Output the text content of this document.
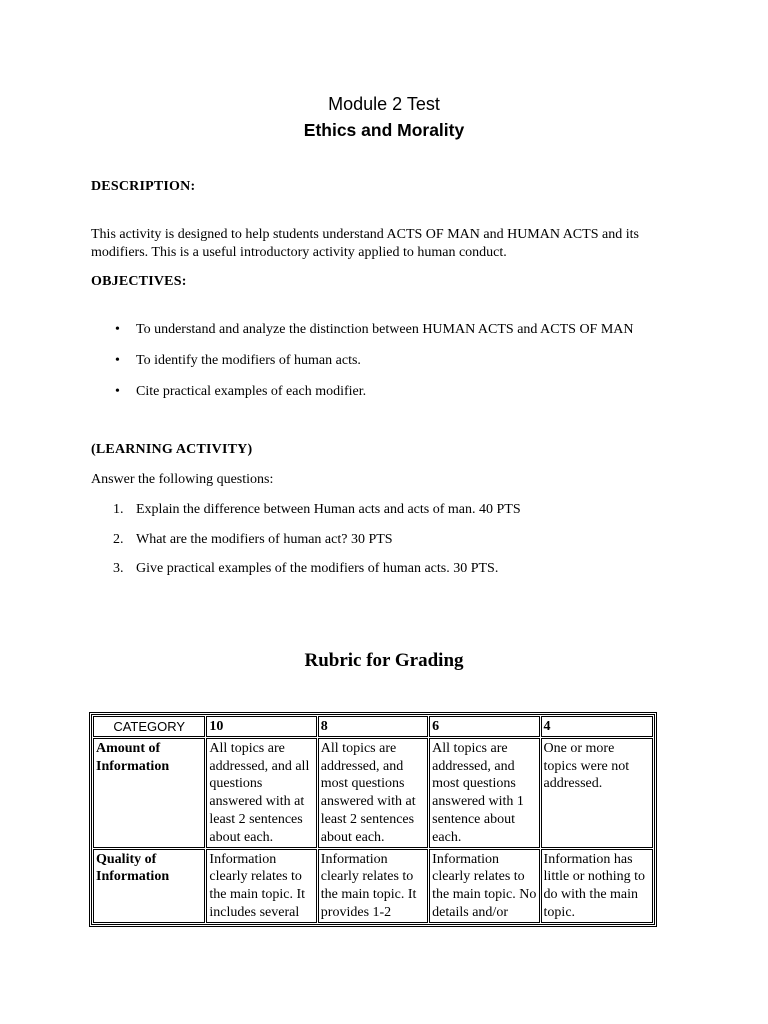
Module 2 Test
Ethics and Morality
DESCRIPTION:
This activity is designed to help students understand ACTS OF MAN and HUMAN ACTS and its modifiers. This is a useful introductory activity applied to human conduct.
OBJECTIVES:
• To understand and analyze the distinction between HUMAN ACTS and ACTS OF MAN
• To identify the modifiers of human acts.
• Cite practical examples of each modifier.
(LEARNING ACTIVITY)
Answer the following questions:
1. Explain the difference between Human acts and acts of man. 40 PTS
2. What are the modifiers of human act? 30 PTS
3. Give practical examples of the modifiers of human acts. 30 PTS.
Rubric for Grading
CATEGORY	10	8	6	4
Amount of Information	All topics are addressed, and all questions answered with at least 2 sentences about each.	All topics are addressed, and most questions answered with at least 2 sentences about each.	All topics are addressed, and most questions answered with 1 sentence about each.	One or more topics were not addressed.

Quality of Information	Information clearly relates to the main topic. It includes several	Information clearly relates to the main topic. It provides 1-2	Information clearly relates to the main topic. No details and/or	Information has little or nothing to do with the main topic.
